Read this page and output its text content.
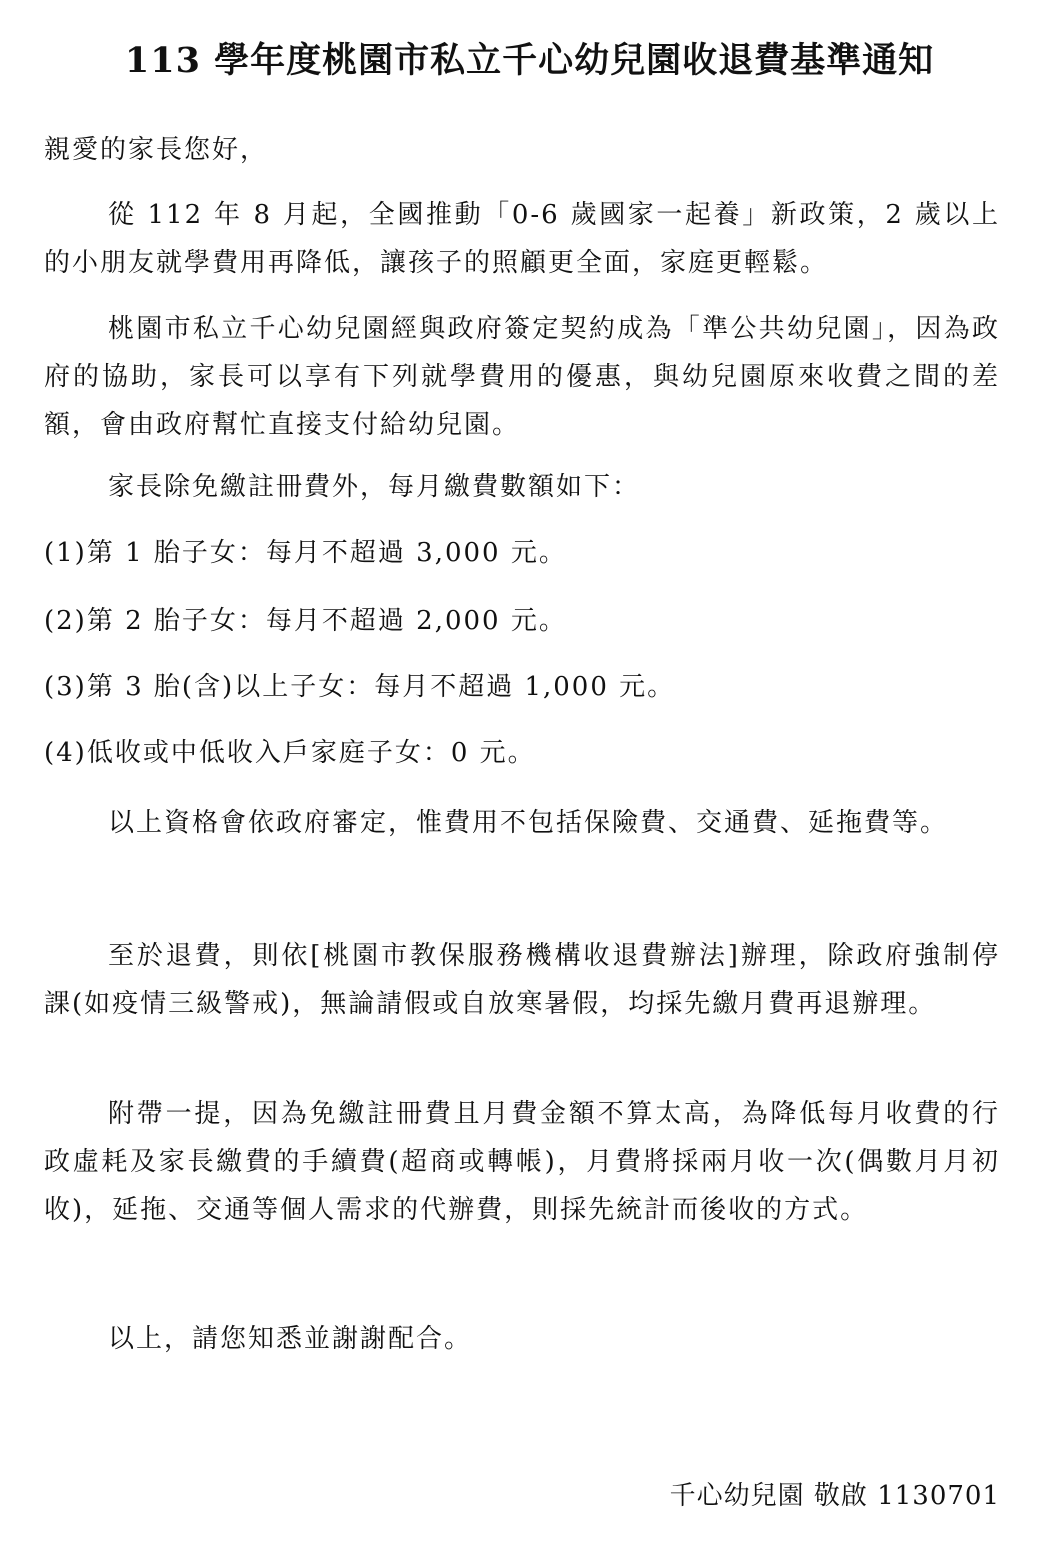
113 學年度桃園市私立千心幼兒園收退費基準通知

親愛的家長您好，

從 112 年 8 月起，全國推動「0-6 歲國家一起養」新政策，2 歲以上的小朋友就學費用再降低，讓孩子的照顧更全面，家庭更輕鬆。

桃園市私立千心幼兒園經與政府簽定契約成為「準公共幼兒園」，因為政府的協助，家長可以享有下列就學費用的優惠，與幼兒園原來收費之間的差額，會由政府幫忙直接支付給幼兒園。

家長除免繳註冊費外，每月繳費數額如下：

(1)第 1 胎子女：每月不超過 3,000 元。

(2)第 2 胎子女：每月不超過 2,000 元。

(3)第 3 胎(含)以上子女：每月不超過 1,000 元。

(4)低收或中低收入戶家庭子女：0 元。

以上資格會依政府審定，惟費用不包括保險費、交通費、延拖費等。

至於退費，則依[桃園市教保服務機構收退費辦法]辦理，除政府強制停課(如疫情三級警戒)，無論請假或自放寒暑假，均採先繳月費再退辦理。

附帶一提，因為免繳註冊費且月費金額不算太高，為降低每月收費的行政虛耗及家長繳費的手續費(超商或轉帳)，月費將採兩月收一次(偶數月月初收)，延拖、交通等個人需求的代辦費，則採先統計而後收的方式。

以上，請您知悉並謝謝配合。

千心幼兒園 敬啟 1130701
